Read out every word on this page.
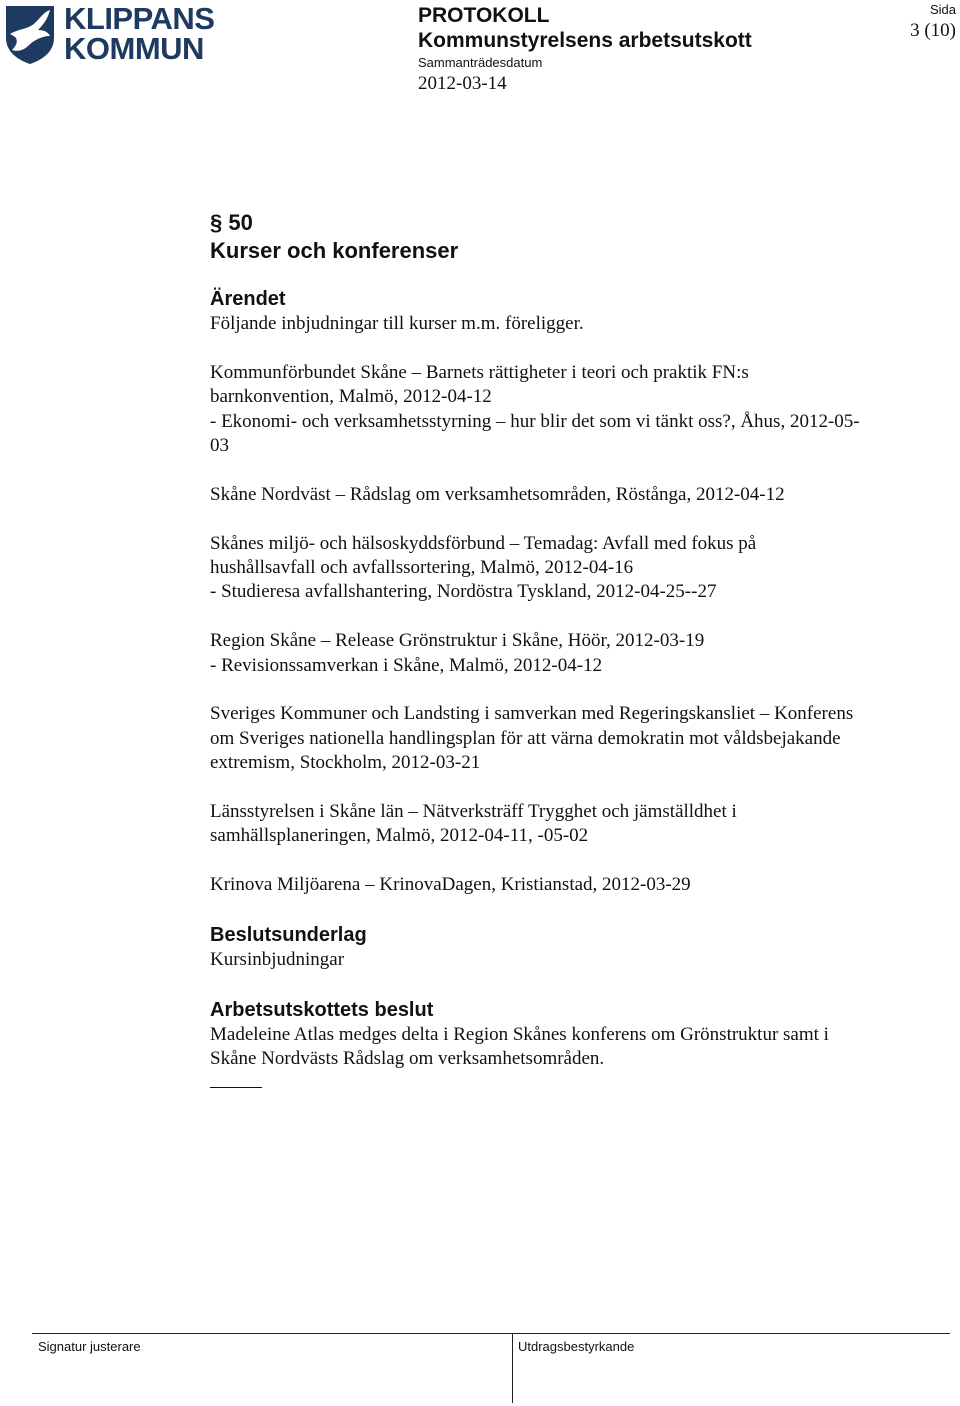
KLIPPANS
KOMMUN
PROTOKOLL
Kommunstyrelsens arbetsutskott
Sammanträdesdatum
2012-03-14
Sida
3 (10)
§ 50
Kurser och konferenser
Ärendet
Följande inbjudningar till kurser m.m. föreligger.
Kommunförbundet Skåne – Barnets rättigheter i teori och praktik FN:s
barnkonvention, Malmö, 2012-04-12
- Ekonomi- och verksamhetsstyrning – hur blir det som vi tänkt oss?, Åhus, 2012-05-
03
Skåne Nordväst – Rådslag om verksamhetsområden, Röstånga, 2012-04-12
Skånes miljö- och hälsoskyddsförbund – Temadag: Avfall med fokus på
hushållsavfall och avfallssortering, Malmö, 2012-04-16
- Studieresa avfallshantering, Nordöstra Tyskland, 2012-04-25--27
Region Skåne – Release Grönstruktur i Skåne, Höör, 2012-03-19
- Revisionssamverkan i Skåne, Malmö, 2012-04-12
Sveriges Kommuner och Landsting i samverkan med Regeringskansliet – Konferens
om Sveriges nationella handlingsplan för att värna demokratin mot våldsbejakande
extremism, Stockholm, 2012-03-21
Länsstyrelsen i Skåne län – Nätverksträff Trygghet och jämställdhet i
samhällsplaneringen, Malmö, 2012-04-11, -05-02
Krinova Miljöarena – KrinovaDagen, Kristianstad, 2012-03-29
Beslutsunderlag
Kursinbjudningar
Arbetsutskottets beslut
Madeleine Atlas medges delta i Region Skånes konferens om Grönstruktur samt i
Skåne Nordvästs Rådslag om verksamhetsområden.
Signatur justerare	Utdragsbestyrkande
